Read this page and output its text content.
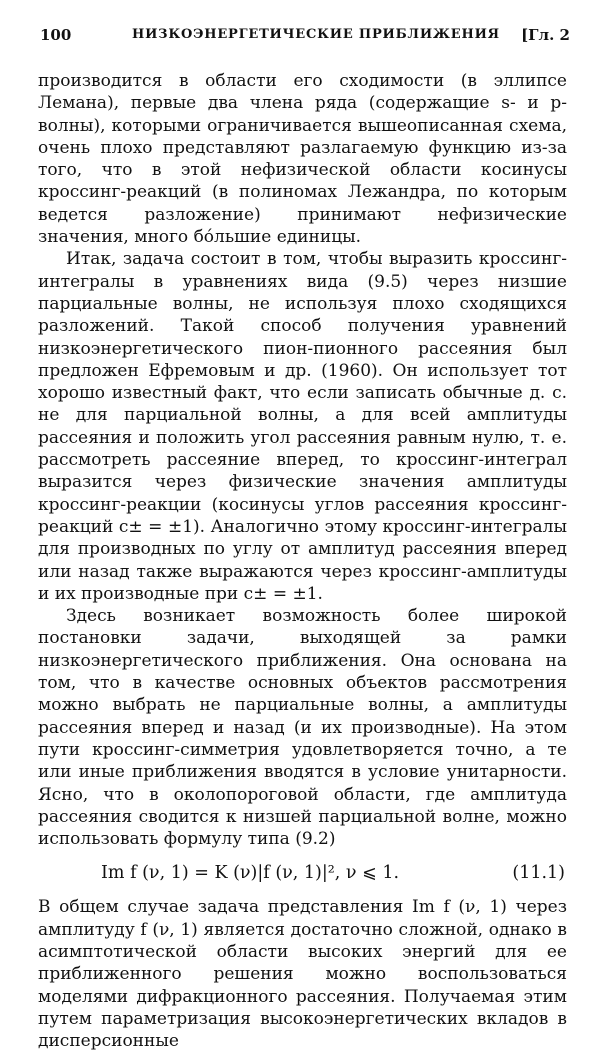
100	НИЗКОЭНЕРГЕТИЧЕСКИЕ ПРИБЛИЖЕНИЯ [Гл. 2

производится в области его сходимости (в эллипсе Лемана), первые два члена ряда (содержащие s- и p-волны), которыми ограничивается вышеописанная схема, очень плохо представляют разлагаемую функцию из-за того, что в этой нефизической области косинусы кроссинг-реакций (в полиномах Лежандра, по которым ведется разложение) принимают нефизические значения, много бо́льшие единицы.

Итак, задача состоит в том, чтобы выразить кроссинг-интегралы в уравнениях вида (9.5) через низшие парциальные волны, не используя плохо сходящихся разложений. Такой способ получения уравнений низкоэнергетического пион-пионного рассеяния был предложен Ефремовым и др. (1960). Он использует тот хорошо известный факт, что если записать обычные д. с. не для парциальной волны, а для всей амплитуды рассеяния и положить угол рассеяния равным нулю, т. е. рассмотреть рассеяние вперед, то кроссинг-интеграл выразится через физические значения амплитуды кроссинг-реакции (косинусы углов рассеяния кроссинг-реакций c± = ±1). Аналогично этому кроссинг-интегралы для производных по углу от амплитуд рассеяния вперед или назад также выражаются через кроссинг-амплитуды и их производные при c± = ±1.

Здесь возникает возможность более широкой постановки задачи, выходящей за рамки низкоэнергетического приближения. Она основана на том, что в качестве основных объектов рассмотрения можно выбрать не парциальные волны, а амплитуды рассеяния вперед и назад (и их производные). На этом пути кроссинг-симметрия удовлетворяется точно, а те или иные приближения вводятся в условие унитарности. Ясно, что в околопороговой области, где амплитуда рассеяния сводится к низшей парциальной волне, можно использовать формулу типа (9.2)

Im f (ν, 1) = K (ν)|f (ν, 1)|², ν ⩽ 1.	(11.1)

В общем случае задача представления Im f (ν, 1) через амплитуду f (ν, 1) является достаточно сложной, однако в асимптотической области высоких энергий для ее приближенного решения можно воспользоваться моделями дифракционного рассеяния. Получаемая этим путем параметризация высокоэнергетических вкладов в дисперсионные
